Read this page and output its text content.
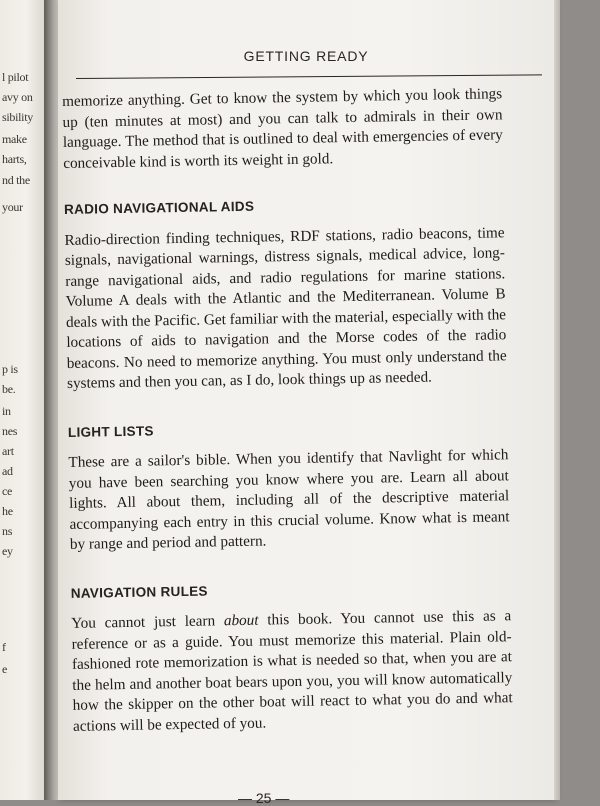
l pilot
avy on
sibility
make
harts,
nd the
your
p is
be.
in
nes
art
ad
ce
he
ns
ey
f
e
GETTING READY

memorize anything. Get to know the system by which you look things up (ten minutes at most) and you can talk to admirals in their own language. The method that is outlined to deal with emergencies of every conceivable kind is worth its weight in gold.

RADIO NAVIGATIONAL AIDS

Radio-direction finding techniques, RDF stations, radio beacons, time signals, navigational warnings, distress signals, medical advice, long-range navigational aids, and radio regulations for marine stations. Volume A deals with the Atlantic and the Mediterranean. Volume B deals with the Pacific. Get familiar with the material, especially with the locations of aids to navigation and the Morse codes of the radio beacons. No need to memorize anything. You must only understand the systems and then you can, as I do, look things up as needed.

LIGHT LISTS

These are a sailor's bible. When you identify that Navlight for which you have been searching you know where you are. Learn all about lights. All about them, including all of the descriptive material accompanying each entry in this crucial volume. Know what is meant by range and period and pattern.

NAVIGATION RULES

You cannot just learn about this book. You cannot use this as a reference or as a guide. You must memorize this material. Plain old-fashioned rote memorization is what is needed so that, when you are at the helm and another boat bears upon you, you will know automatically how the skipper on the other boat will react to what you do and what actions will be expected of you.

— 25 —
